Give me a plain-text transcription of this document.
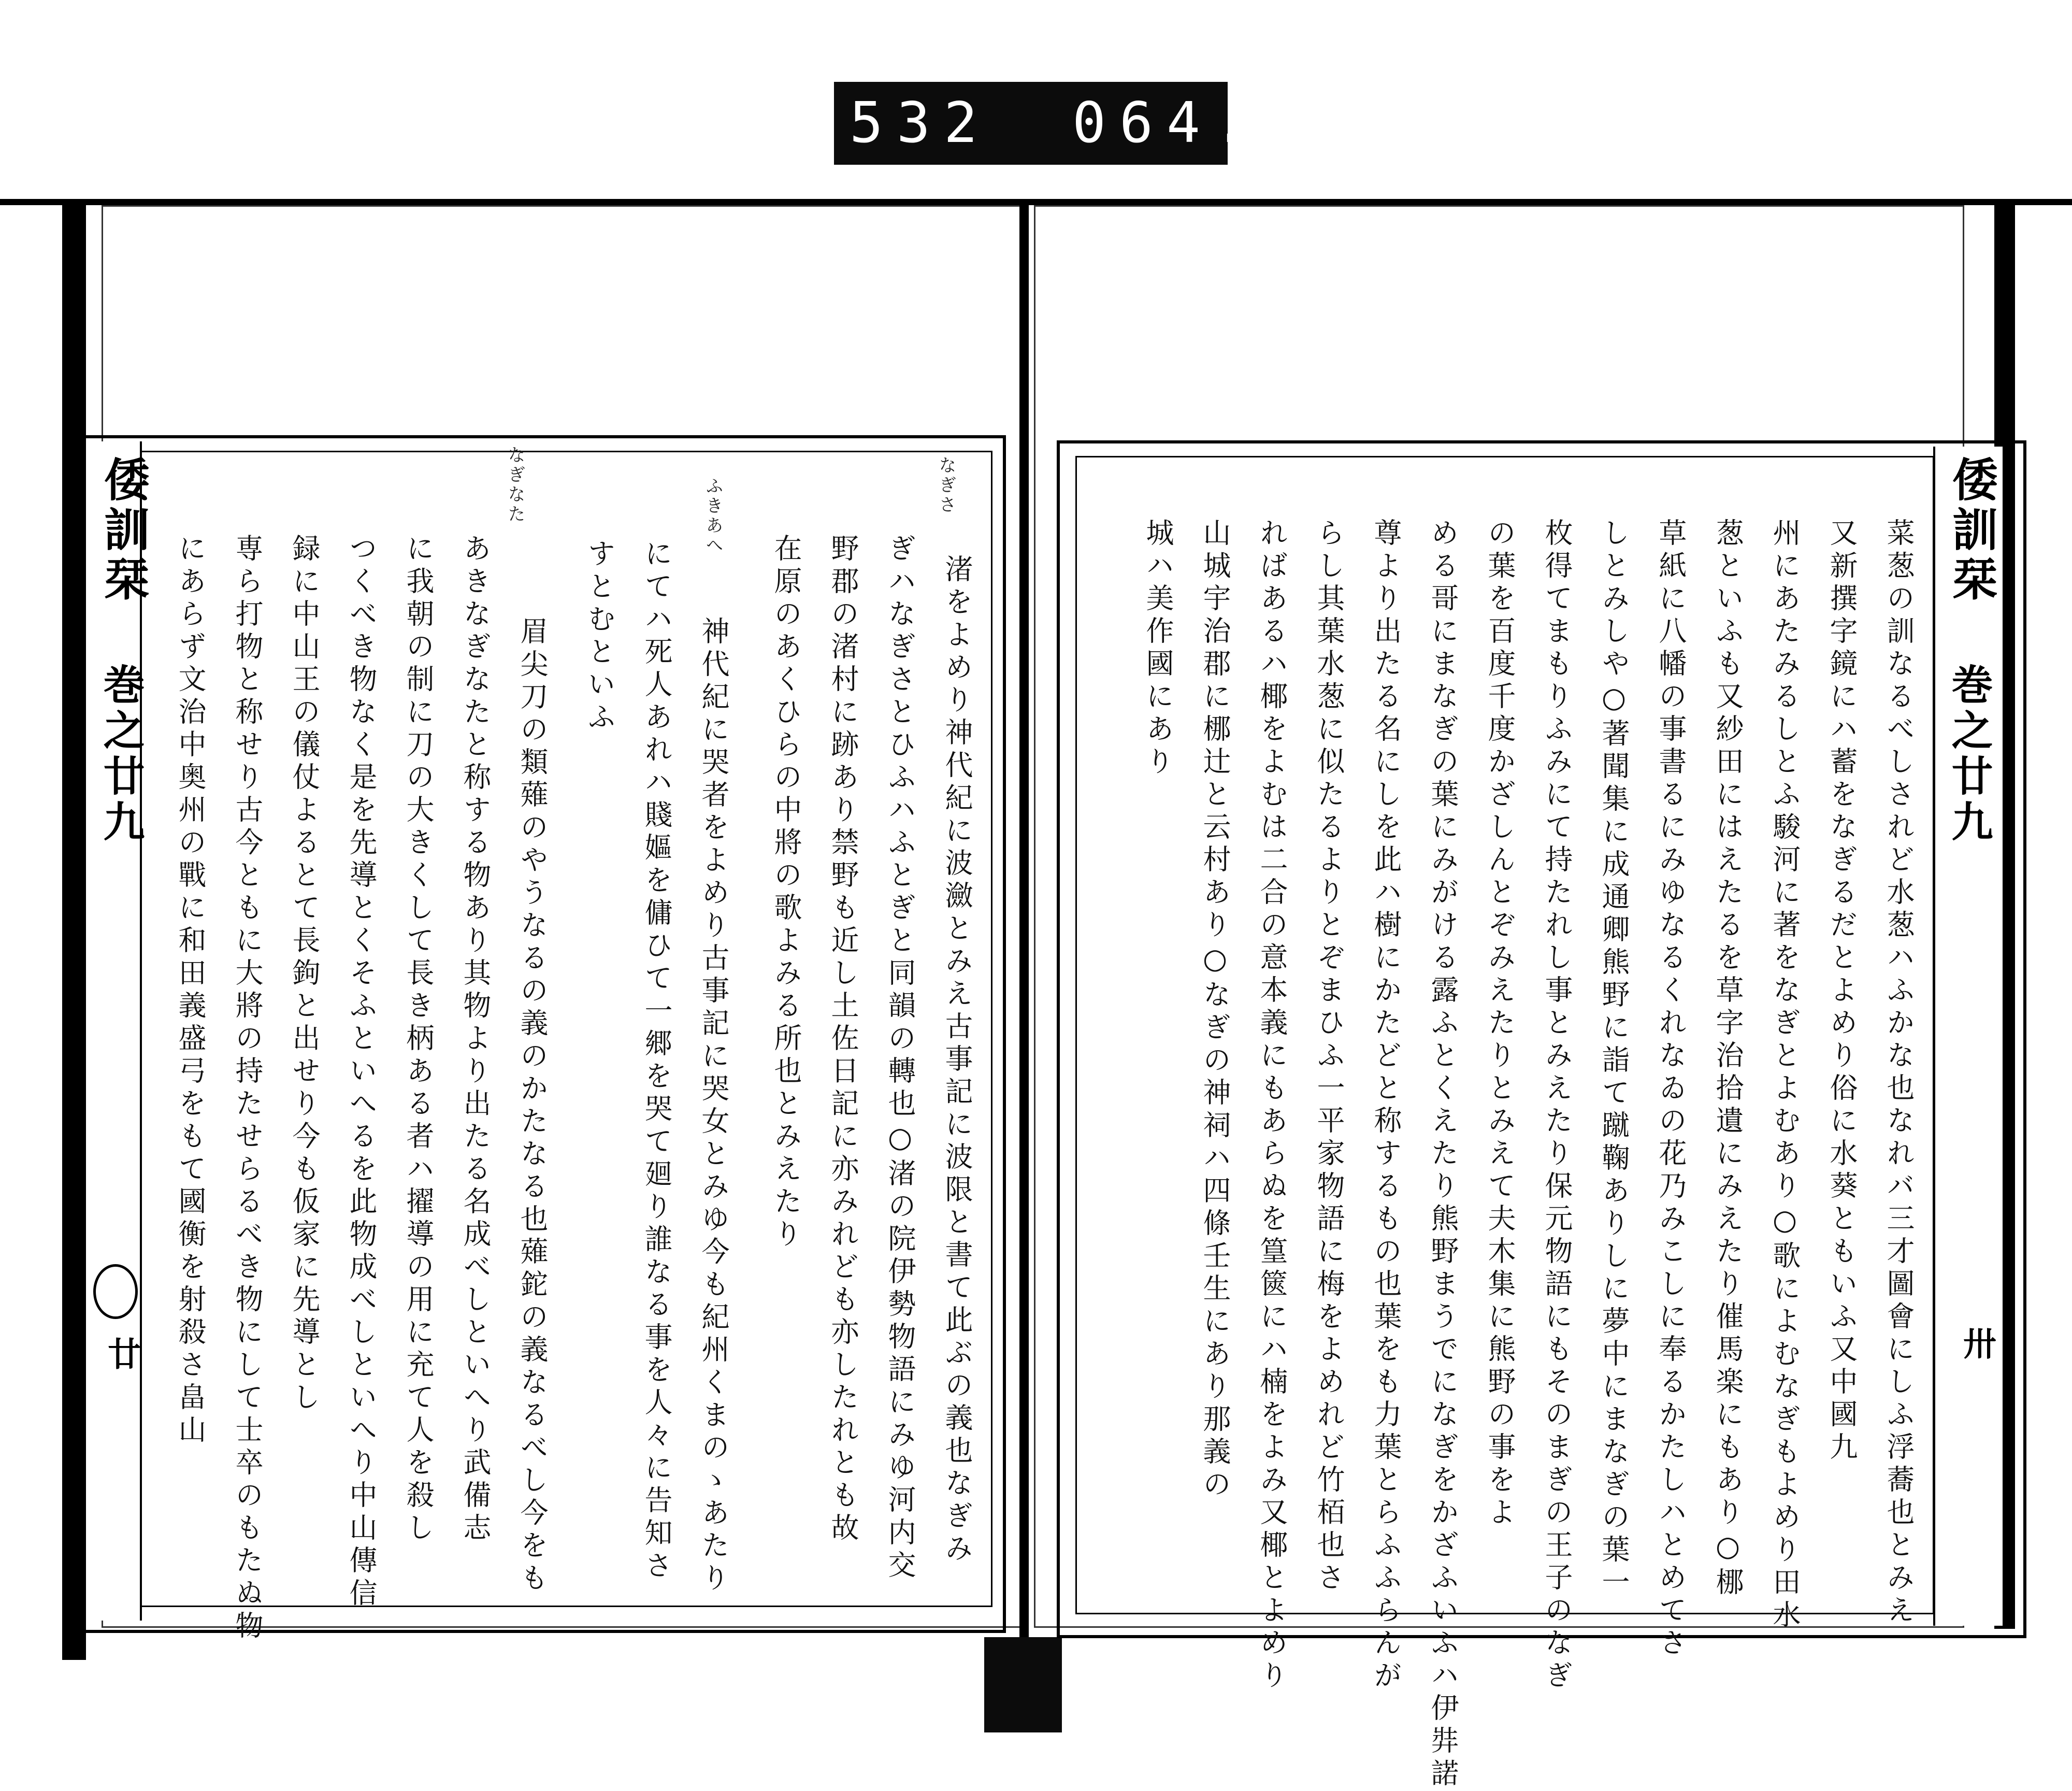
532 064.
倭訓栞
巻之廿九
廿
なぎさ
ふきあへ
なぎなた
渚をよめり神代紀に波瀲とみえ古事記に波限と書て此ぶの義也なぎみ
ぎハなぎさとひふハふとぎと同韻の轉也○渚の院伊勢物語にみゆ河内交
野郡の渚村に跡あり禁野も近し土佐日記に亦みれども亦したれとも故
在原のあくひらの中將の歌よみる所也とみえたり
神代紀に哭者をよめり古事記に哭女とみゆ今も紀州くまのゝあたり
にてハ死人あれハ賤嫗を傭ひて一郷を哭て廻り誰なる事を人々に告知さ
すとむといふ
眉尖刀の類薙のやうなるの義のかたなる也薙鉈の義なるべし今をも
あきなぎなたと称する物あり其物より出たる名成べしといへり武備志
に我朝の制に刀の大きくして長き柄ある者ハ擢導の用に充て人を殺し
つくべき物なく是を先導とくそふといへるを此物成べしといへり中山傳信
録に中山王の儀仗よるとて長鉤と出せり今も仮家に先導とし
専ら打物と称せり古今ともに大將の持たせらるべき物にして士卒のもたぬ物
にあらず文治中奥州の戰に和田義盛弓をもて國衡を射殺さ畠山
倭訓栞
巻之廿九
卅
菜葱の訓なるべしされど水葱ハふかな也なれバ三才圖會にしふ浮蕎也とみえ
又新撰字鏡にハ蓄をなぎるだとよめり俗に水葵ともいふ又中國九
州にあたみるしとふ駿河に著をなぎとよむあり○歌によむなぎもよめり田水
葱といふも又紗田にはえたるを草字治拾遺にみえたり催馬楽にもあり○梛
草紙に八幡の事書るにみゆなるくれなゐの花乃みこしに奉るかたしハとめてさ
しとみしや○著聞集に成通卿熊野に詣て蹴鞠ありしに夢中にまなぎの葉一
枚得てまもりふみにて持たれし事とみえたり保元物語にもそのまぎの王子のなぎ
の葉を百度千度かざしんとぞみえたりとみえて夫木集に熊野の事をよ
める哥にまなぎの葉にみがける露ふとくえたり熊野まうでになぎをかざふいふハ伊弉諾
尊より出たる名にしを此ハ樹にかたどと称するもの也葉をも力葉とらふふらんが
らし其葉水葱に似たるよりとぞまひふ一平家物語に梅をよめれど竹栢也さ
ればあるハ椰をよむは二合の意本義にもあらぬを篁篋にハ楠をよみ又椰とよめり
山城宇治郡に梛辻と云村あり○なぎの神祠ハ四條壬生にあり那義の
城ハ美作國にあり
